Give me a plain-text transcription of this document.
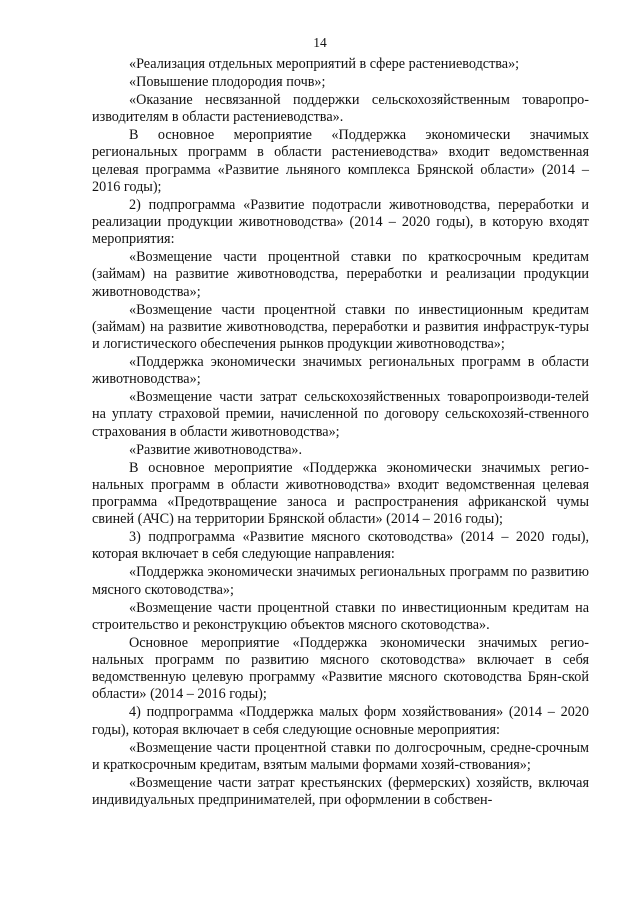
14

«Реализация отдельных мероприятий в сфере растениеводства»;

«Повышение плодородия почв»;

«Оказание несвязанной поддержки сельскохозяйственным товаропро-изводителям в области растениеводства».

В основное мероприятие «Поддержка экономически значимых региональных программ в области растениеводства» входит ведомственная целевая программа «Развитие льняного комплекса Брянской области» (2014 – 2016 годы);

2) подпрограмма «Развитие подотрасли животноводства, переработки и реализации продукции животноводства» (2014 – 2020 годы), в которую входят мероприятия:

«Возмещение части процентной ставки по краткосрочным кредитам (займам) на развитие животноводства, переработки и реализации продукции животноводства»;

«Возмещение части процентной ставки по инвестиционным кредитам (займам) на развитие животноводства, переработки и развития инфраструк-туры и логистического обеспечения рынков продукции животноводства»;

«Поддержка экономически значимых региональных программ в области животноводства»;

«Возмещение части затрат сельскохозяйственных товаропроизводи-телей на уплату страховой премии, начисленной по договору сельскохозяй-ственного страхования в области животноводства»;

«Развитие животноводства».

В основное мероприятие «Поддержка экономически значимых регио-нальных программ в области животноводства» входит ведомственная целевая программа «Предотвращение заноса и распространения африканской чумы свиней (АЧС) на территории Брянской области» (2014 – 2016 годы);

3) подпрограмма «Развитие мясного скотоводства» (2014 – 2020 годы), которая включает в себя следующие направления:

«Поддержка экономически значимых региональных программ по развитию мясного скотоводства»;

«Возмещение части процентной ставки по инвестиционным кредитам на строительство и реконструкцию объектов мясного скотоводства».

Основное мероприятие «Поддержка экономически значимых регио-нальных программ по развитию мясного скотоводства» включает в себя ведомственную целевую программу «Развитие мясного скотоводства Брян-ской области» (2014 – 2016 годы);

4) подпрограмма «Поддержка малых форм хозяйствования» (2014 – 2020 годы), которая включает в себя следующие основные мероприятия:

«Возмещение части процентной ставки по долгосрочным, средне-срочным и краткосрочным кредитам, взятым малыми формами хозяй-ствования»;

«Возмещение части затрат крестьянских (фермерских) хозяйств, включая индивидуальных предпринимателей, при оформлении в собствен-
